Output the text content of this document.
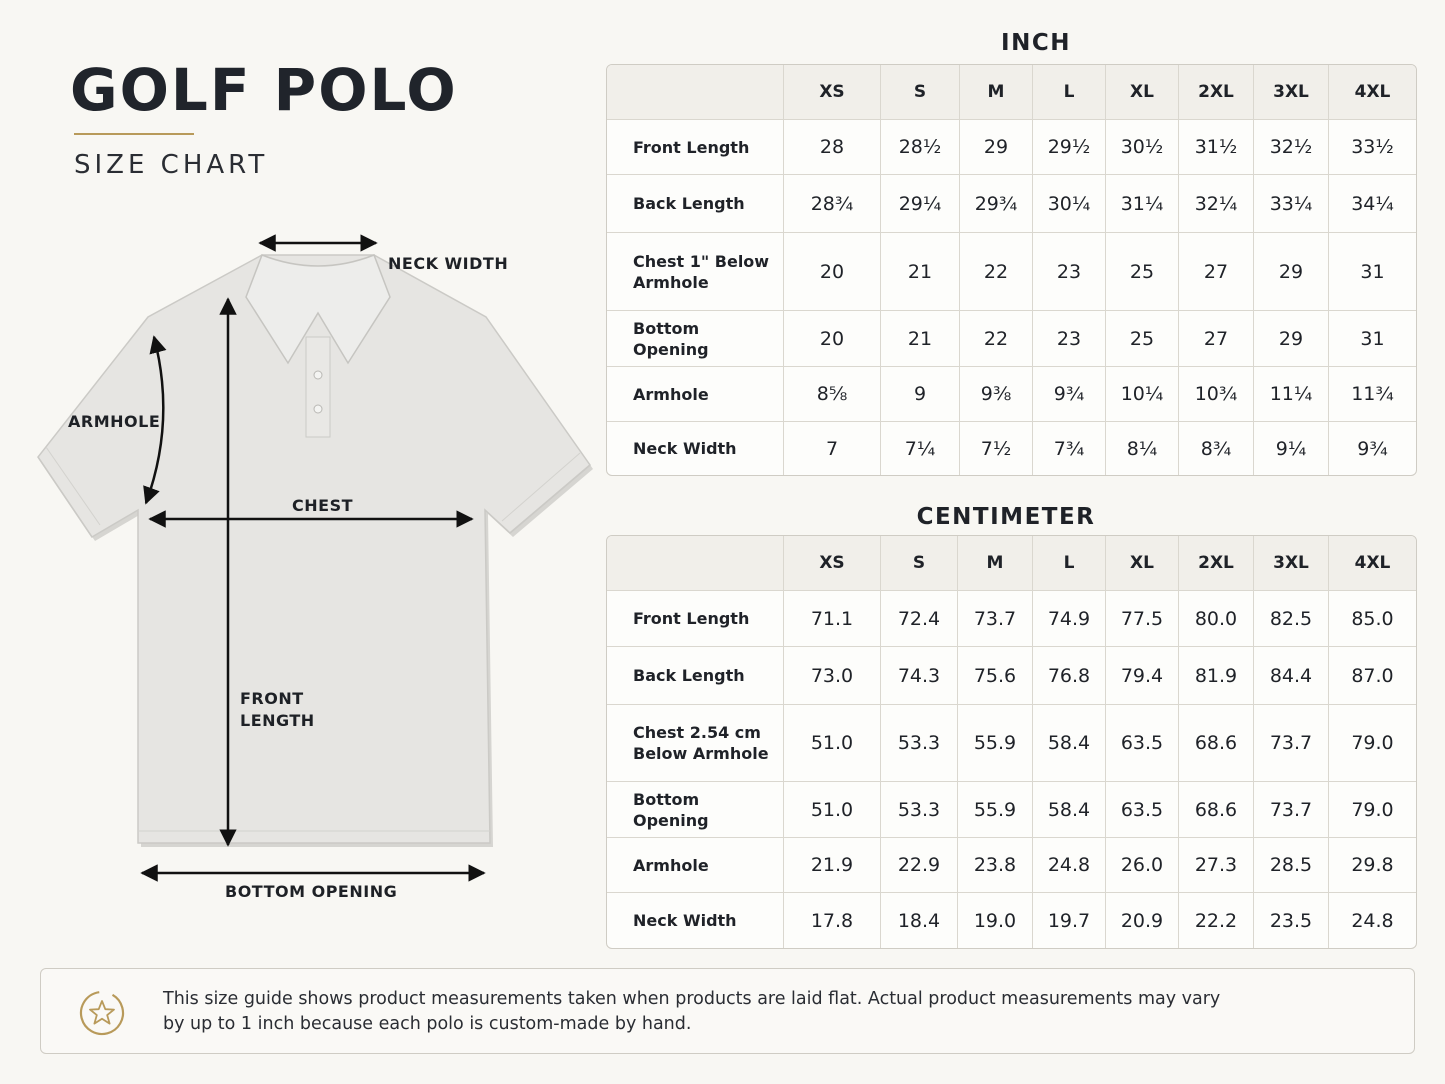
GOLF POLO
SIZE CHART
NECK WIDTH
ARMHOLE
CHEST
FRONT LENGTH
BOTTOM OPENING
INCH
	XS	S	M	L	XL	2XL	3XL	4XL
Front Length	28	28½	29	29½	30½	31½	32½	33½
Back Length	28¾	29¼	29¾	30¼	31¼	32¼	33¼	34¼
Chest 1" Below Armhole	20	21	22	23	25	27	29	31
Bottom Opening	20	21	22	23	25	27	29	31
Armhole	8⅝	9	9⅜	9¾	10¼	10¾	11¼	11¾
Neck Width	7	7¼	7½	7¾	8¼	8¾	9¼	9¾
CENTIMETER
	XS	S	M	L	XL	2XL	3XL	4XL
Front Length	71.1	72.4	73.7	74.9	77.5	80.0	82.5	85.0
Back Length	73.0	74.3	75.6	76.8	79.4	81.9	84.4	87.0
Chest 2.54 cm Below Armhole	51.0	53.3	55.9	58.4	63.5	68.6	73.7	79.0
Bottom Opening	51.0	53.3	55.9	58.4	63.5	68.6	73.7	79.0
Armhole	21.9	22.9	23.8	24.8	26.0	27.3	28.5	29.8
Neck Width	17.8	18.4	19.0	19.7	20.9	22.2	23.5	24.8
This size guide shows product measurements taken when products are laid flat. Actual product measurements may vary by up to 1 inch because each polo is custom-made by hand.
